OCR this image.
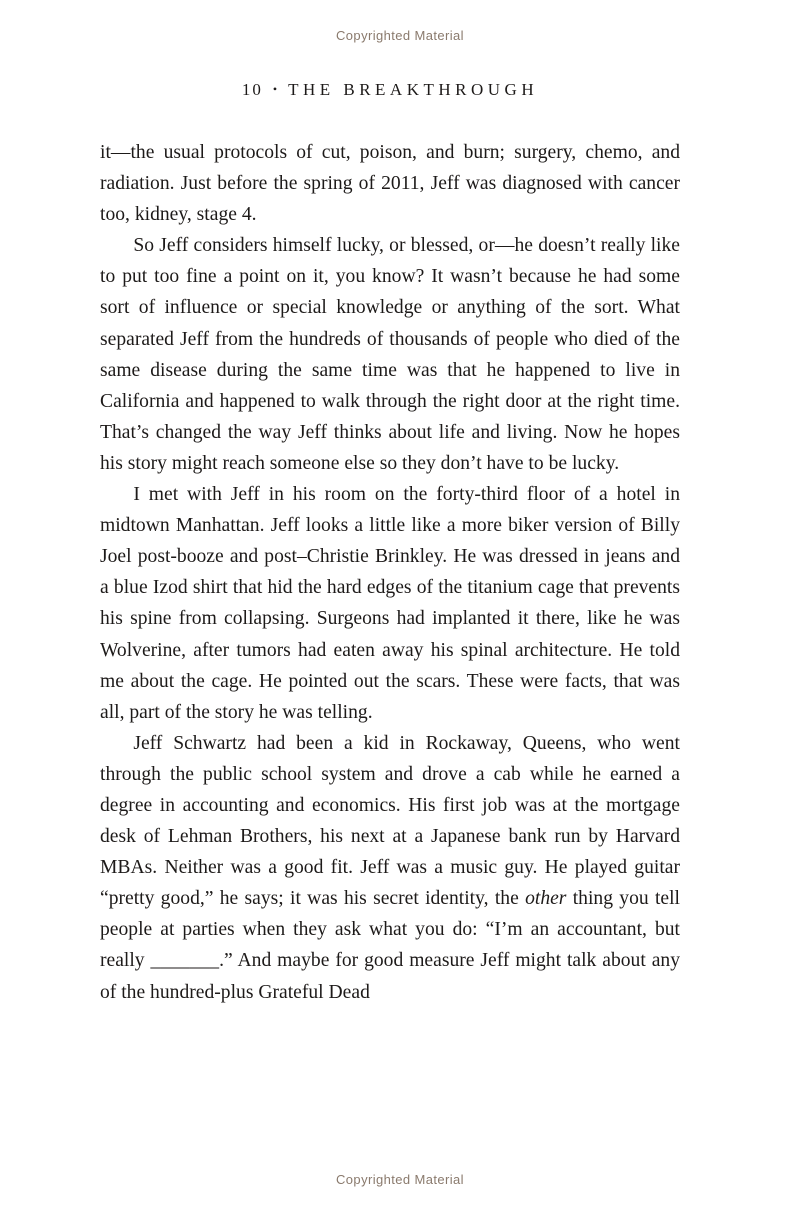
Copyrighted Material
10 • THE BREAKTHROUGH

it—the usual protocols of cut, poison, and burn; surgery, chemo, and radiation. Just before the spring of 2011, Jeff was diagnosed with cancer too, kidney, stage 4.

So Jeff considers himself lucky, or blessed, or—he doesn’t really like to put too fine a point on it, you know? It wasn’t because he had some sort of influence or special knowledge or anything of the sort. What separated Jeff from the hundreds of thousands of people who died of the same disease during the same time was that he happened to live in California and happened to walk through the right door at the right time. That’s changed the way Jeff thinks about life and living. Now he hopes his story might reach someone else so they don’t have to be lucky.

I met with Jeff in his room on the forty-third floor of a hotel in midtown Manhattan. Jeff looks a little like a more biker version of Billy Joel post-booze and post–Christie Brinkley. He was dressed in jeans and a blue Izod shirt that hid the hard edges of the titanium cage that prevents his spine from collapsing. Surgeons had implanted it there, like he was Wolverine, after tumors had eaten away his spinal architecture. He told me about the cage. He pointed out the scars. These were facts, that was all, part of the story he was telling.

Jeff Schwartz had been a kid in Rockaway, Queens, who went through the public school system and drove a cab while he earned a degree in accounting and economics. His first job was at the mortgage desk of Lehman Brothers, his next at a Japanese bank run by Harvard MBAs. Neither was a good fit. Jeff was a music guy. He played guitar “pretty good,” he says; it was his secret identity, the other thing you tell people at parties when they ask what you do: “I’m an accountant, but really _______.” And maybe for good measure Jeff might talk about any of the hundred-plus Grateful Dead

Copyrighted Material
